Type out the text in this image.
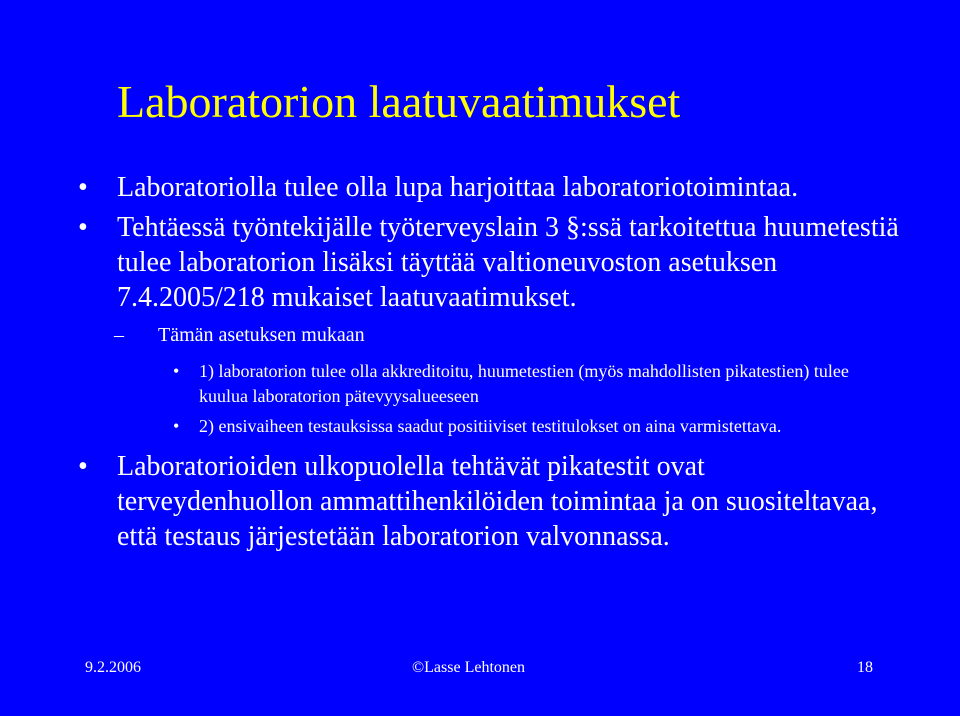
Laboratorion laatuvaatimukset
• Laboratoriolla tulee olla lupa harjoittaa laboratoriotoimintaa.
• Tehtäessä työntekijälle työterveyslain 3 §:ssä tarkoitettua huumetestiä tulee laboratorion lisäksi täyttää valtioneuvoston asetuksen 7.4.2005/218 mukaiset laatuvaatimukset.
– Tämän asetuksen mukaan
• 1) laboratorion tulee olla akkreditoitu, huumetestien (myös mahdollisten pikatestien) tulee kuulua laboratorion pätevyysalueeseen
• 2) ensivaiheen testauksissa saadut positiiviset testitulokset on aina varmistettava.
• Laboratorioiden ulkopuolella tehtävät pikatestit ovat terveydenhuollon ammattihenkilöiden toimintaa ja on suositeltavaa, että testaus järjestetään laboratorion valvonnassa.
9.2.2006	©Lasse Lehtonen	18
